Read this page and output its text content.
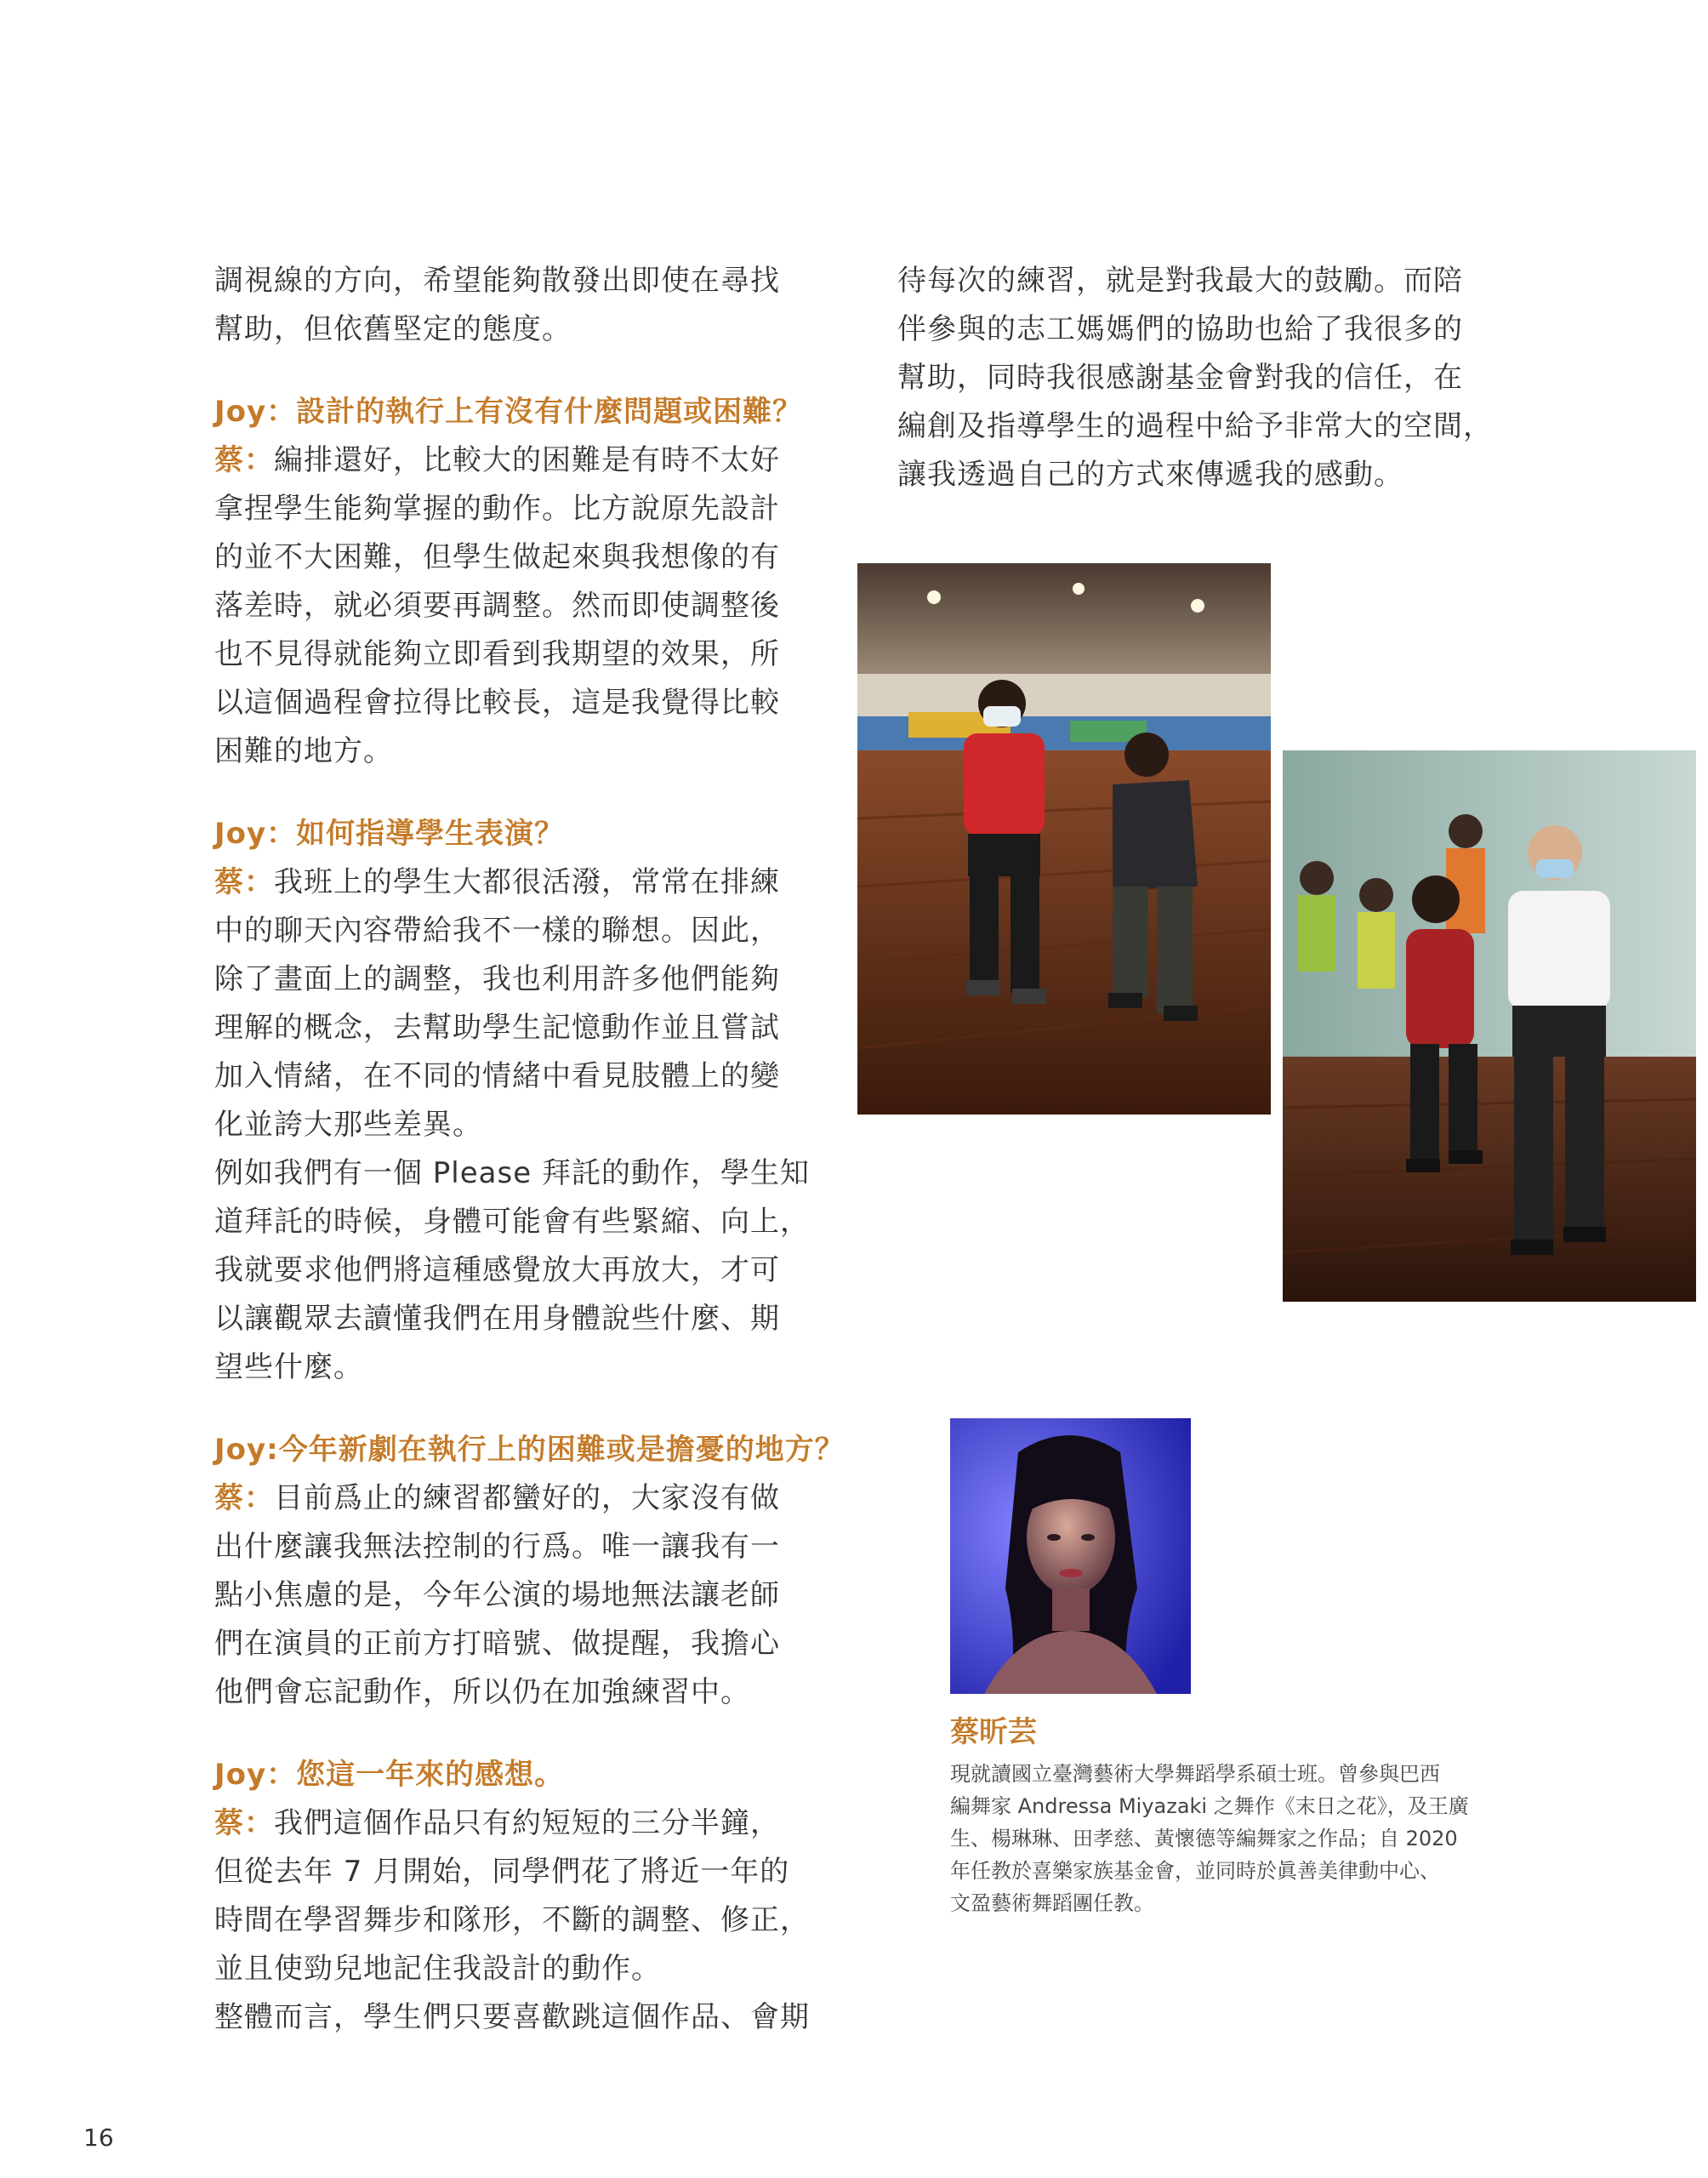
調視線的方向，希望能夠散發出即使在尋找

幫助，但依舊堅定的態度。

Joy：設計的執行上有沒有什麼問題或困難？

蔡：編排還好，比較大的困難是有時不太好

拿捏學生能夠掌握的動作。比方說原先設計

的並不大困難，但學生做起來與我想像的有

落差時，就必須要再調整。然而即使調整後

也不見得就能夠立即看到我期望的效果，所

以這個過程會拉得比較長，這是我覺得比較

困難的地方。

Joy：如何指導學生表演？

蔡：我班上的學生大都很活潑，常常在排練

中的聊天內容帶給我不一樣的聯想。因此，

除了畫面上的調整，我也利用許多他們能夠

理解的概念，去幫助學生記憶動作並且嘗試

加入情緒，在不同的情緒中看見肢體上的變

化並誇大那些差異。

例如我們有一個 Please 拜託的動作，學生知

道拜託的時候，身體可能會有些緊縮、向上，

我就要求他們將這種感覺放大再放大，才可

以讓觀眾去讀懂我們在用身體說些什麼、期

望些什麼。

Joy:今年新劇在執行上的困難或是擔憂的地方？

蔡：目前爲止的練習都蠻好的，大家沒有做

出什麼讓我無法控制的行爲。唯一讓我有一

點小焦慮的是，今年公演的場地無法讓老師

們在演員的正前方打暗號、做提醒，我擔心

他們會忘記動作，所以仍在加強練習中。

Joy：您這一年來的感想。

蔡：我們這個作品只有約短短的三分半鐘，

但從去年 7 月開始，同學們花了將近一年的

時間在學習舞步和隊形，不斷的調整、修正，

並且使勁兒地記住我設計的動作。

整體而言，學生們只要喜歡跳這個作品、會期

待每次的練習，就是對我最大的鼓勵。而陪

伴參與的志工媽媽們的協助也給了我很多的

幫助，同時我很感謝基金會對我的信任，在

編創及指導學生的過程中給予非常大的空間，

讓我透過自己的方式來傳遞我的感動。

蔡昕芸
現就讀國立臺灣藝術大學舞蹈學系碩士班。曾參與巴西
編舞家 Andressa Miyazaki 之舞作《末日之花》，及王廣
生、楊琳琳、田孝慈、黃懷德等編舞家之作品；自 2020
年任教於喜樂家族基金會，並同時於眞善美律動中心、
文盈藝術舞蹈團任教。
16
